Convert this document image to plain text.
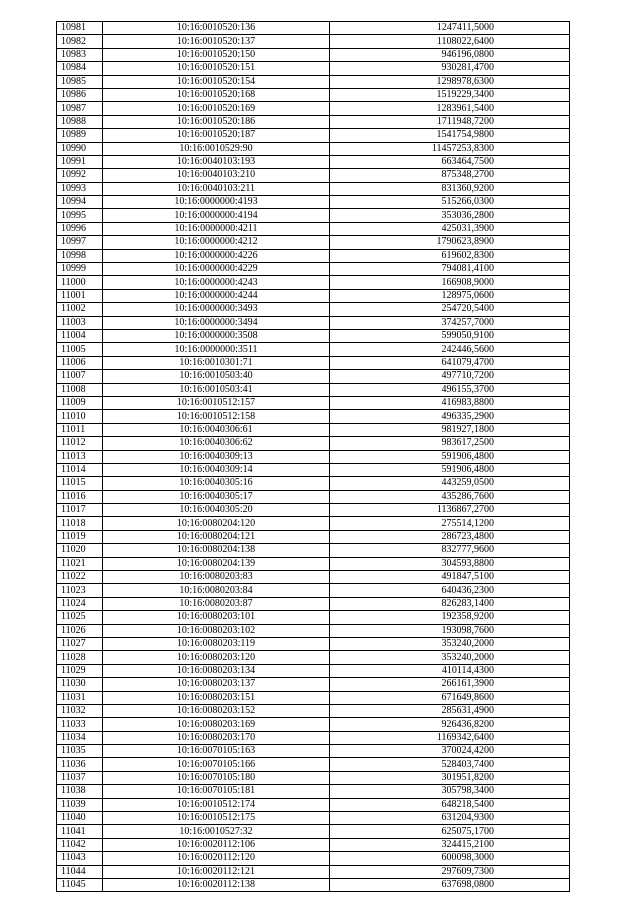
10981	10:16:0010520:136	1247411,5000
10982	10:16:0010520:137	1108022,6400
10983	10:16:0010520:150	946196,0800
10984	10:16:0010520:151	930281,4700
10985	10:16:0010520:154	1298978,6300
10986	10:16:0010520:168	1519229,3400
10987	10:16:0010520:169	1283961,5400
10988	10:16:0010520:186	1711948,7200
10989	10:16:0010520:187	1541754,9800
10990	10:16:0010529:90	11457253,8300
10991	10:16:0040103:193	663464,7500
10992	10:16:0040103:210	875348,2700
10993	10:16:0040103:211	831360,9200
10994	10:16:0000000:4193	515266,0300
10995	10:16:0000000:4194	353036,2800
10996	10:16:0000000:4211	425031,3900
10997	10:16:0000000:4212	1790623,8900
10998	10:16:0000000:4226	619602,8300
10999	10:16:0000000:4229	794081,4100
11000	10:16:0000000:4243	166908,9000
11001	10:16:0000000:4244	128975,0600
11002	10:16:0000000:3493	254720,5400
11003	10:16:0000000:3494	374257,7000
11004	10:16:0000000:3508	599050,9100
11005	10:16:0000000:3511	242446,5600
11006	10:16:0010301:71	641079,4700
11007	10:16:0010503:40	497710,7200
11008	10:16:0010503:41	496155,3700
11009	10:16:0010512:157	416983,8800
11010	10:16:0010512:158	496335,2900
11011	10:16:0040306:61	981927,1800
11012	10:16:0040306:62	983617,2500
11013	10:16:0040309:13	591906,4800
11014	10:16:0040309:14	591906,4800
11015	10:16:0040305:16	443259,0500
11016	10:16:0040305:17	435286,7600
11017	10:16:0040305:20	1136867,2700
11018	10:16:0080204:120	275514,1200
11019	10:16:0080204:121	286723,4800
11020	10:16:0080204:138	832777,9600
11021	10:16:0080204:139	304593,8800
11022	10:16:0080203:83	491847,5100
11023	10:16:0080203:84	640436,2300
11024	10:16:0080203:87	826283,1400
11025	10:16:0080203:101	192358,9200
11026	10:16:0080203:102	193098,7600
11027	10:16:0080203:119	353240,2000
11028	10:16:0080203:120	353240,2000
11029	10:16:0080203:134	410114,4300
11030	10:16:0080203:137	266161,3900
11031	10:16:0080203:151	671649,8600
11032	10:16:0080203:152	285631,4900
11033	10:16:0080203:169	926436,8200
11034	10:16:0080203:170	1169342,6400
11035	10:16:0070105:163	370024,4200
11036	10:16:0070105:166	528403,7400
11037	10:16:0070105:180	301951,8200
11038	10:16:0070105:181	305798,3400
11039	10:16:0010512:174	648218,5400
11040	10:16:0010512:175	631204,9300
11041	10:16:0010527:32	625075,1700
11042	10:16:0020112:106	324415,2100
11043	10:16:0020112:120	600098,3000
11044	10:16:0020112:121	297609,7300
11045	10:16:0020112:138	637698,0800
